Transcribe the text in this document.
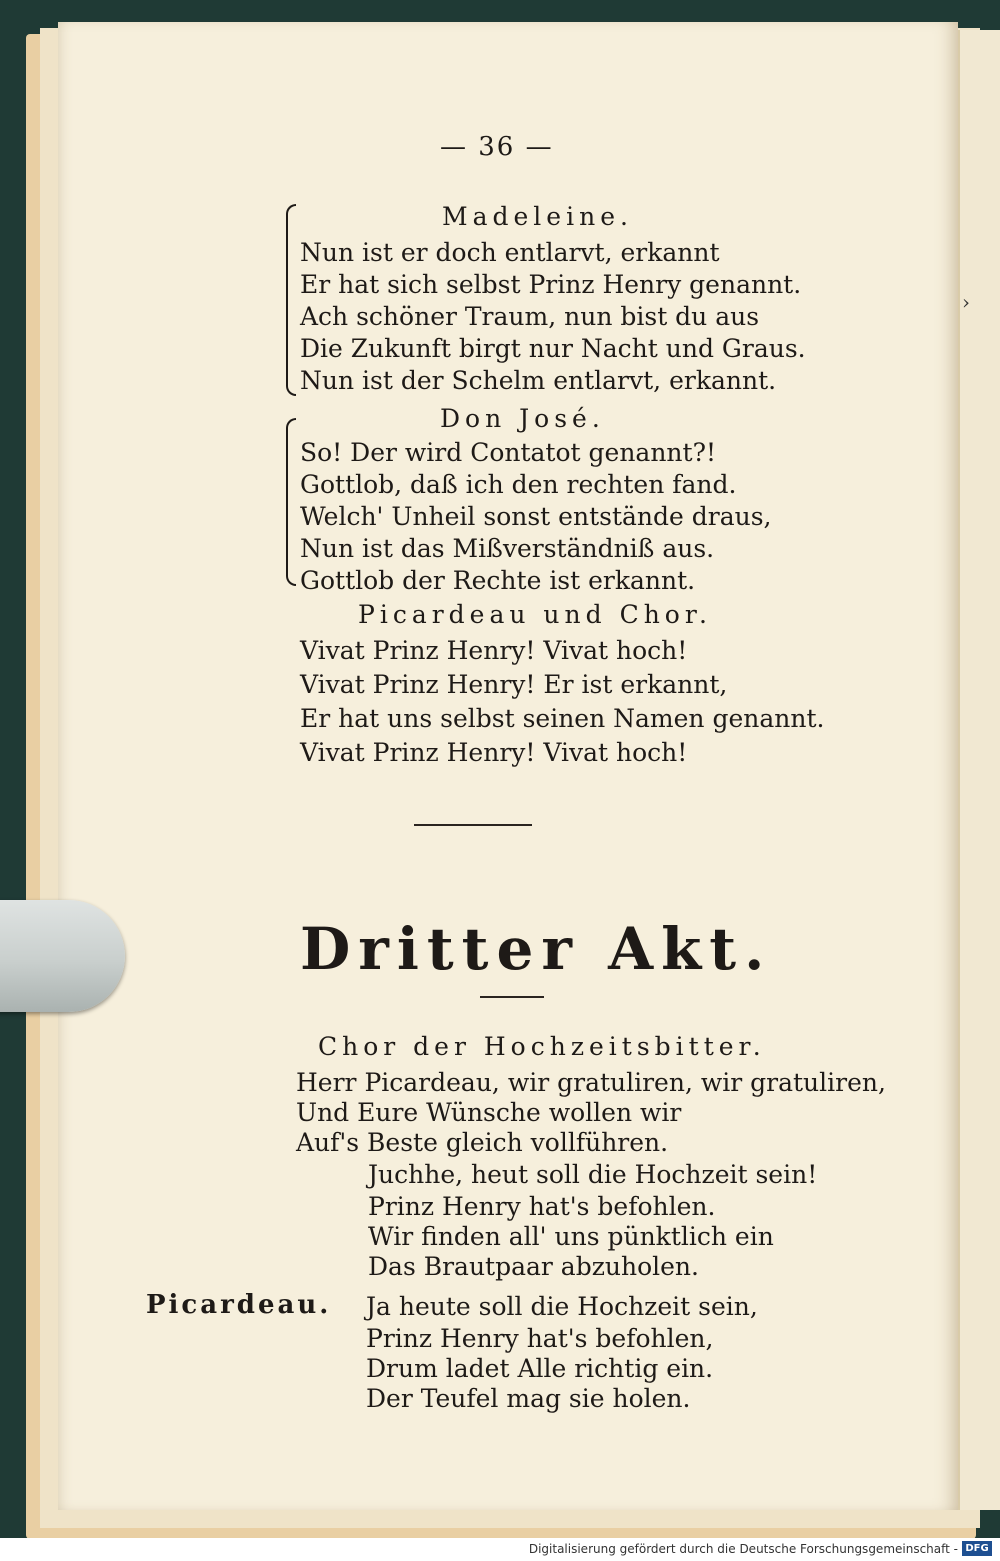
›
— 36 —
Madeleine.
Nun ist er doch entlarvt, erkannt
Er hat sich selbst Prinz Henry genannt.
Ach schöner Traum, nun bist du aus
Die Zukunft birgt nur Nacht und Graus.
Nun ist der Schelm entlarvt, erkannt.
Don José.
So! Der wird Contatot genannt?!
Gottlob, daß ich den rechten fand.
Welch' Unheil sonst entstände draus,
Nun ist das Mißverständniß aus.
Gottlob der Rechte ist erkannt.
Picardeau und Chor.
Vivat Prinz Henry! Vivat hoch!
Vivat Prinz Henry! Er ist erkannt,
Er hat uns selbst seinen Namen genannt.
Vivat Prinz Henry! Vivat hoch!
Dritter Akt.
Chor der Hochzeitsbitter.
Herr Picardeau, wir gratuliren, wir gratuliren,
Und Eure Wünsche wollen wir
Auf's Beste gleich vollführen.
Juchhe, heut soll die Hochzeit sein!
Prinz Henry hat's befohlen.
Wir finden all' uns pünktlich ein
Das Brautpaar abzuholen.
Picardeau. Ja heute soll die Hochzeit sein,
Prinz Henry hat's befohlen,
Drum ladet Alle richtig ein.
Der Teufel mag sie holen.
Digitalisierung gefördert durch die Deutsche Forschungsgemeinschaft - DFG
